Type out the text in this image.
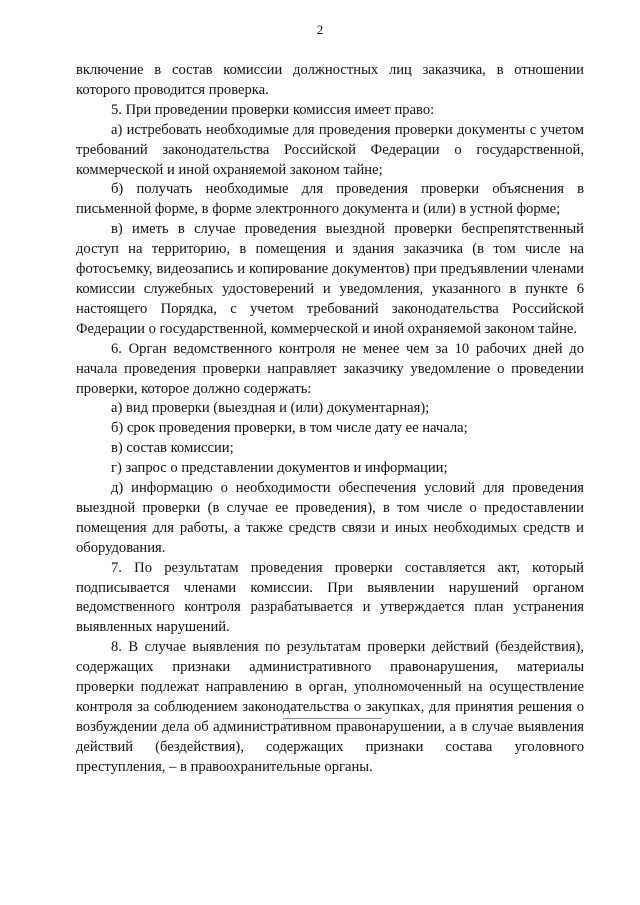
2

включение в состав комиссии должностных лиц заказчика, в отношении которого проводится проверка.

5. При проведении проверки комиссия имеет право:

а) истребовать необходимые для проведения проверки документы с учетом требований законодательства Российской Федерации о государственной, коммерческой и иной охраняемой законом тайне;

б) получать необходимые для проведения проверки объяснения в письменной форме, в форме электронного документа и (или) в устной форме;

в) иметь в случае проведения выездной проверки беспрепятственный доступ на территорию, в помещения и здания заказчика (в том числе на фотосъемку, видеозапись и копирование документов) при предъявлении членами комиссии служебных удостоверений и уведомления, указанного в пункте 6 настоящего Порядка, с учетом требований законодательства Российской Федерации о государственной, коммерческой и иной охраняемой законом тайне.

6. Орган ведомственного контроля не менее чем за 10 рабочих дней до начала проведения проверки направляет заказчику уведомление о проведении проверки, которое должно содержать:

а) вид проверки (выездная и (или) документарная);

б) срок проведения проверки, в том числе дату ее начала;

в) состав комиссии;

г) запрос о представлении документов и информации;

д) информацию о необходимости обеспечения условий для проведения выездной проверки (в случае ее проведения), в том числе о предоставлении помещения для работы, а также средств связи и иных необходимых средств и оборудования.

7. По результатам проведения проверки составляется акт, который подписывается членами комиссии. При выявлении нарушений органом ведомственного контроля разрабатывается и утверждается план устранения выявленных нарушений.

8. В случае выявления по результатам проверки действий (бездействия), содержащих признаки административного правонарушения, материалы проверки подлежат направлению в орган, уполномоченный на осуществление контроля за соблюдением законодательства о закупках, для принятия решения о возбуждении дела об административном правонарушении, а в случае выявления действий (бездействия), содержащих признаки состава уголовного преступления, – в правоохранительные органы.
